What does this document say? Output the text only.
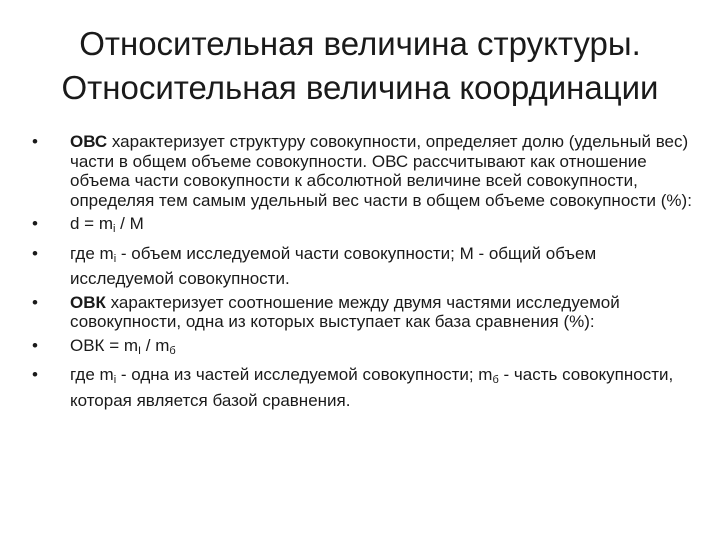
Относительная величина структуры.
Относительная величина координации
• ОВС характеризует структуру совокупности, определяет долю (удельный вес) части в общем объеме совокупности. ОВС рассчитывают как отношение объема части совокупности к абсолютной величине всей совокупности, определяя тем самым удельный вес части в общем объеме совокупности (%):
• $d = m_i / M$
• где $m_i$ - объем исследуемой части совокупности; M - общий объем исследуемой совокупности.
• ОВК характеризует соотношение между двумя частями исследуемой совокупности, одна из которых выступает как база сравнения (%):
• ОВК = $m_I / m_б$
• где $m_i$ - одна из частей исследуемой совокупности; $m_б$ - часть совокупности, которая является базой сравнения.
